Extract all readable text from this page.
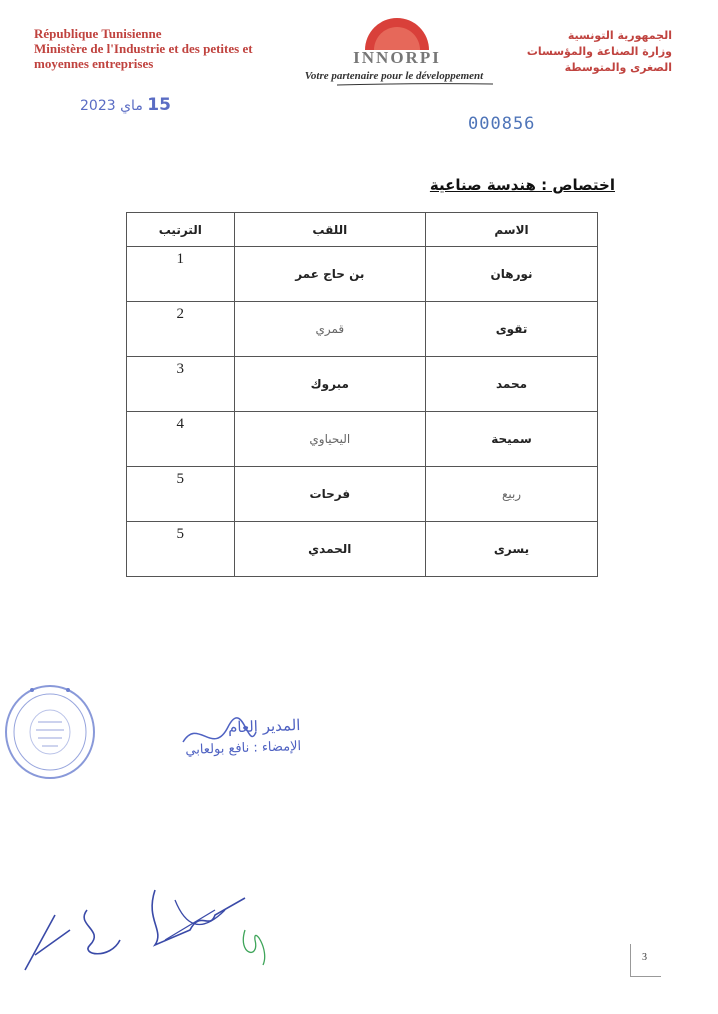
République Tunisienne
Ministère de l'Industrie et des petites et moyennes entreprises	INNORPI
Votre partenaire pour le développement
الجمهورية التونسية
وزارة الصناعة والمؤسسات
الصغرى والمتوسطة
15 ماي 2023
000856
اختصاص : هندسة صناعية
الاسم	اللقب	الترتيب
نورهان	بن حاج عمر	1
تقوى	قمري	2
محمد	مبروك	3
سميحة	اليحياوي	4
ربيع	فرحات	5
يسرى	الحمدي	5
المدير العام
الإمضاء : نافع بولعابي
3
